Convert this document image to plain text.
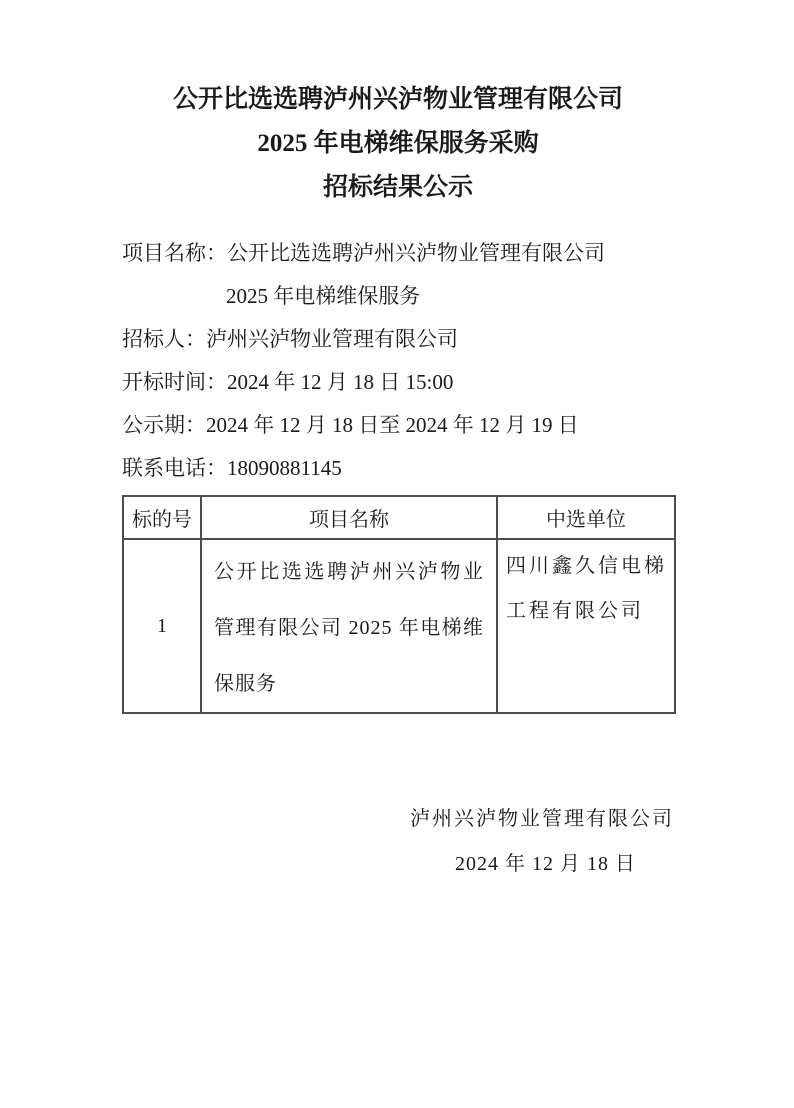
公开比选选聘泸州兴泸物业管理有限公司
2025 年电梯维保服务采购
招标结果公示
项目名称：公开比选选聘泸州兴泸物业管理有限公司
2025 年电梯维保服务
招标人：泸州兴泸物业管理有限公司
开标时间：2024 年 12 月 18 日 15:00
公示期：2024 年 12 月 18 日至 2024 年 12 月 19 日
联系电话：18090881145
标的号	项目名称	中选单位
1	公开比选选聘泸州兴泸物业管理有限公司 2025 年电梯维保服务	四川鑫久信电梯工程有限公司
泸州兴泸物业管理有限公司
2024 年 12 月 18 日
